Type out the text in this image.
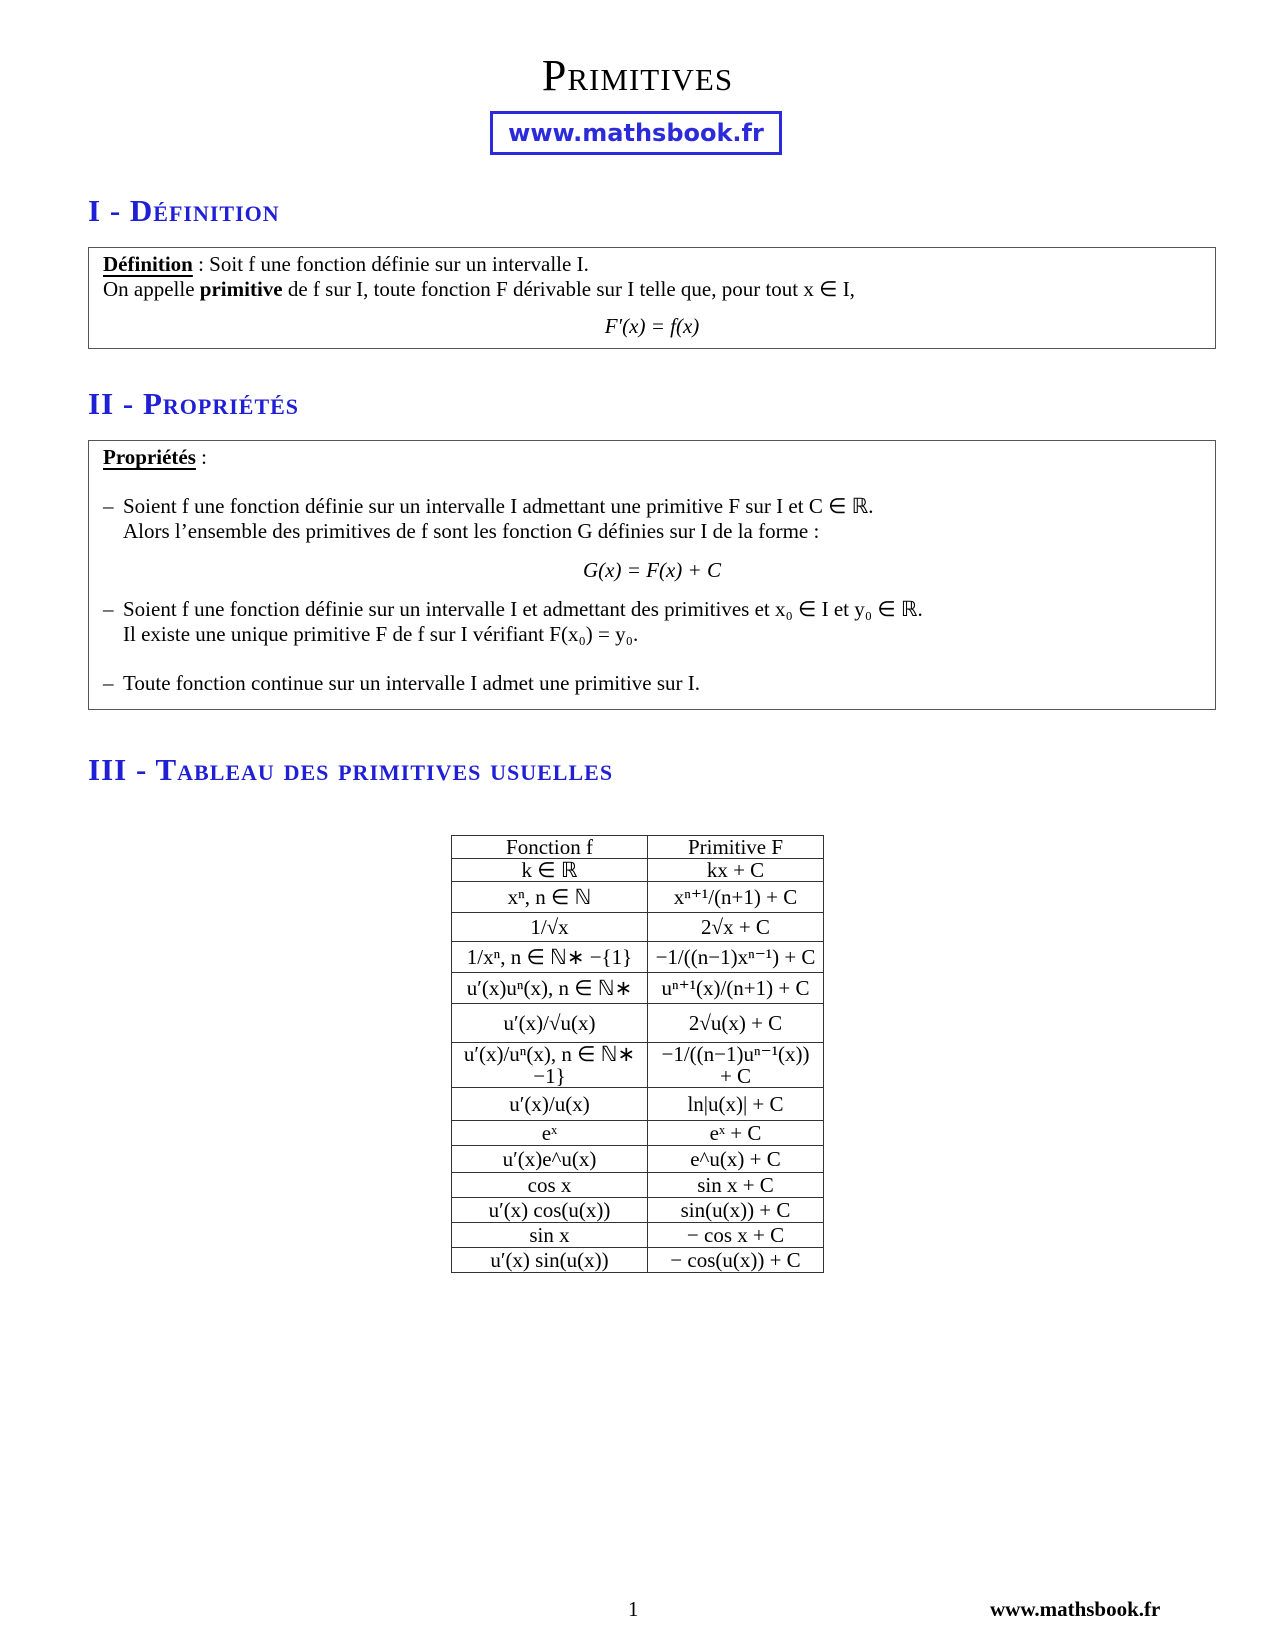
Primitives
www.mathsbook.fr
I - Définition
Définition : Soit f une fonction définie sur un intervalle I.
On appelle primitive de f sur I, toute fonction F dérivable sur I telle que, pour tout x ∈ I,
F′(x) = f(x)
II - Propriétés
Propriétés :
– Soient f une fonction définie sur un intervalle I admettant une primitive F sur I et C ∈ ℝ.
Alors l’ensemble des primitives de f sont les fonction G définies sur I de la forme :
G(x) = F(x) + C
– Soient f une fonction définie sur un intervalle I et admettant des primitives et x₀ ∈ I et y₀ ∈ ℝ.
Il existe une unique primitive F de f sur I vérifiant F(x₀) = y₀.
– Toute fonction continue sur un intervalle I admet une primitive sur I.
III - Tableau des primitives usuelles
Fonction f	Primitive F
k ∈ ℝ	kx + C
xⁿ, n ∈ ℕ	xⁿ⁺¹/(n+1) + C
1/√x	2√x + C
1/xⁿ, n ∈ ℕ∗ −{1}	−1/((n−1)xⁿ⁻¹) + C
u′(x)uⁿ(x), n ∈ ℕ∗	uⁿ⁺¹(x)/(n+1) + C
u′(x)/√u(x)	2√u(x) + C
u′(x)/uⁿ(x), n ∈ ℕ∗ −1}	−1/((n−1)uⁿ⁻¹(x)) + C
u′(x)/u(x)	ln|u(x)| + C
eˣ	eˣ + C
u′(x)e^u(x)	e^u(x) + C
cos x	sin x + C
u′(x) cos(u(x))	sin(u(x)) + C
sin x	− cos x + C
u′(x) sin(u(x))	− cos(u(x)) + C
1	www.mathsbook.fr
